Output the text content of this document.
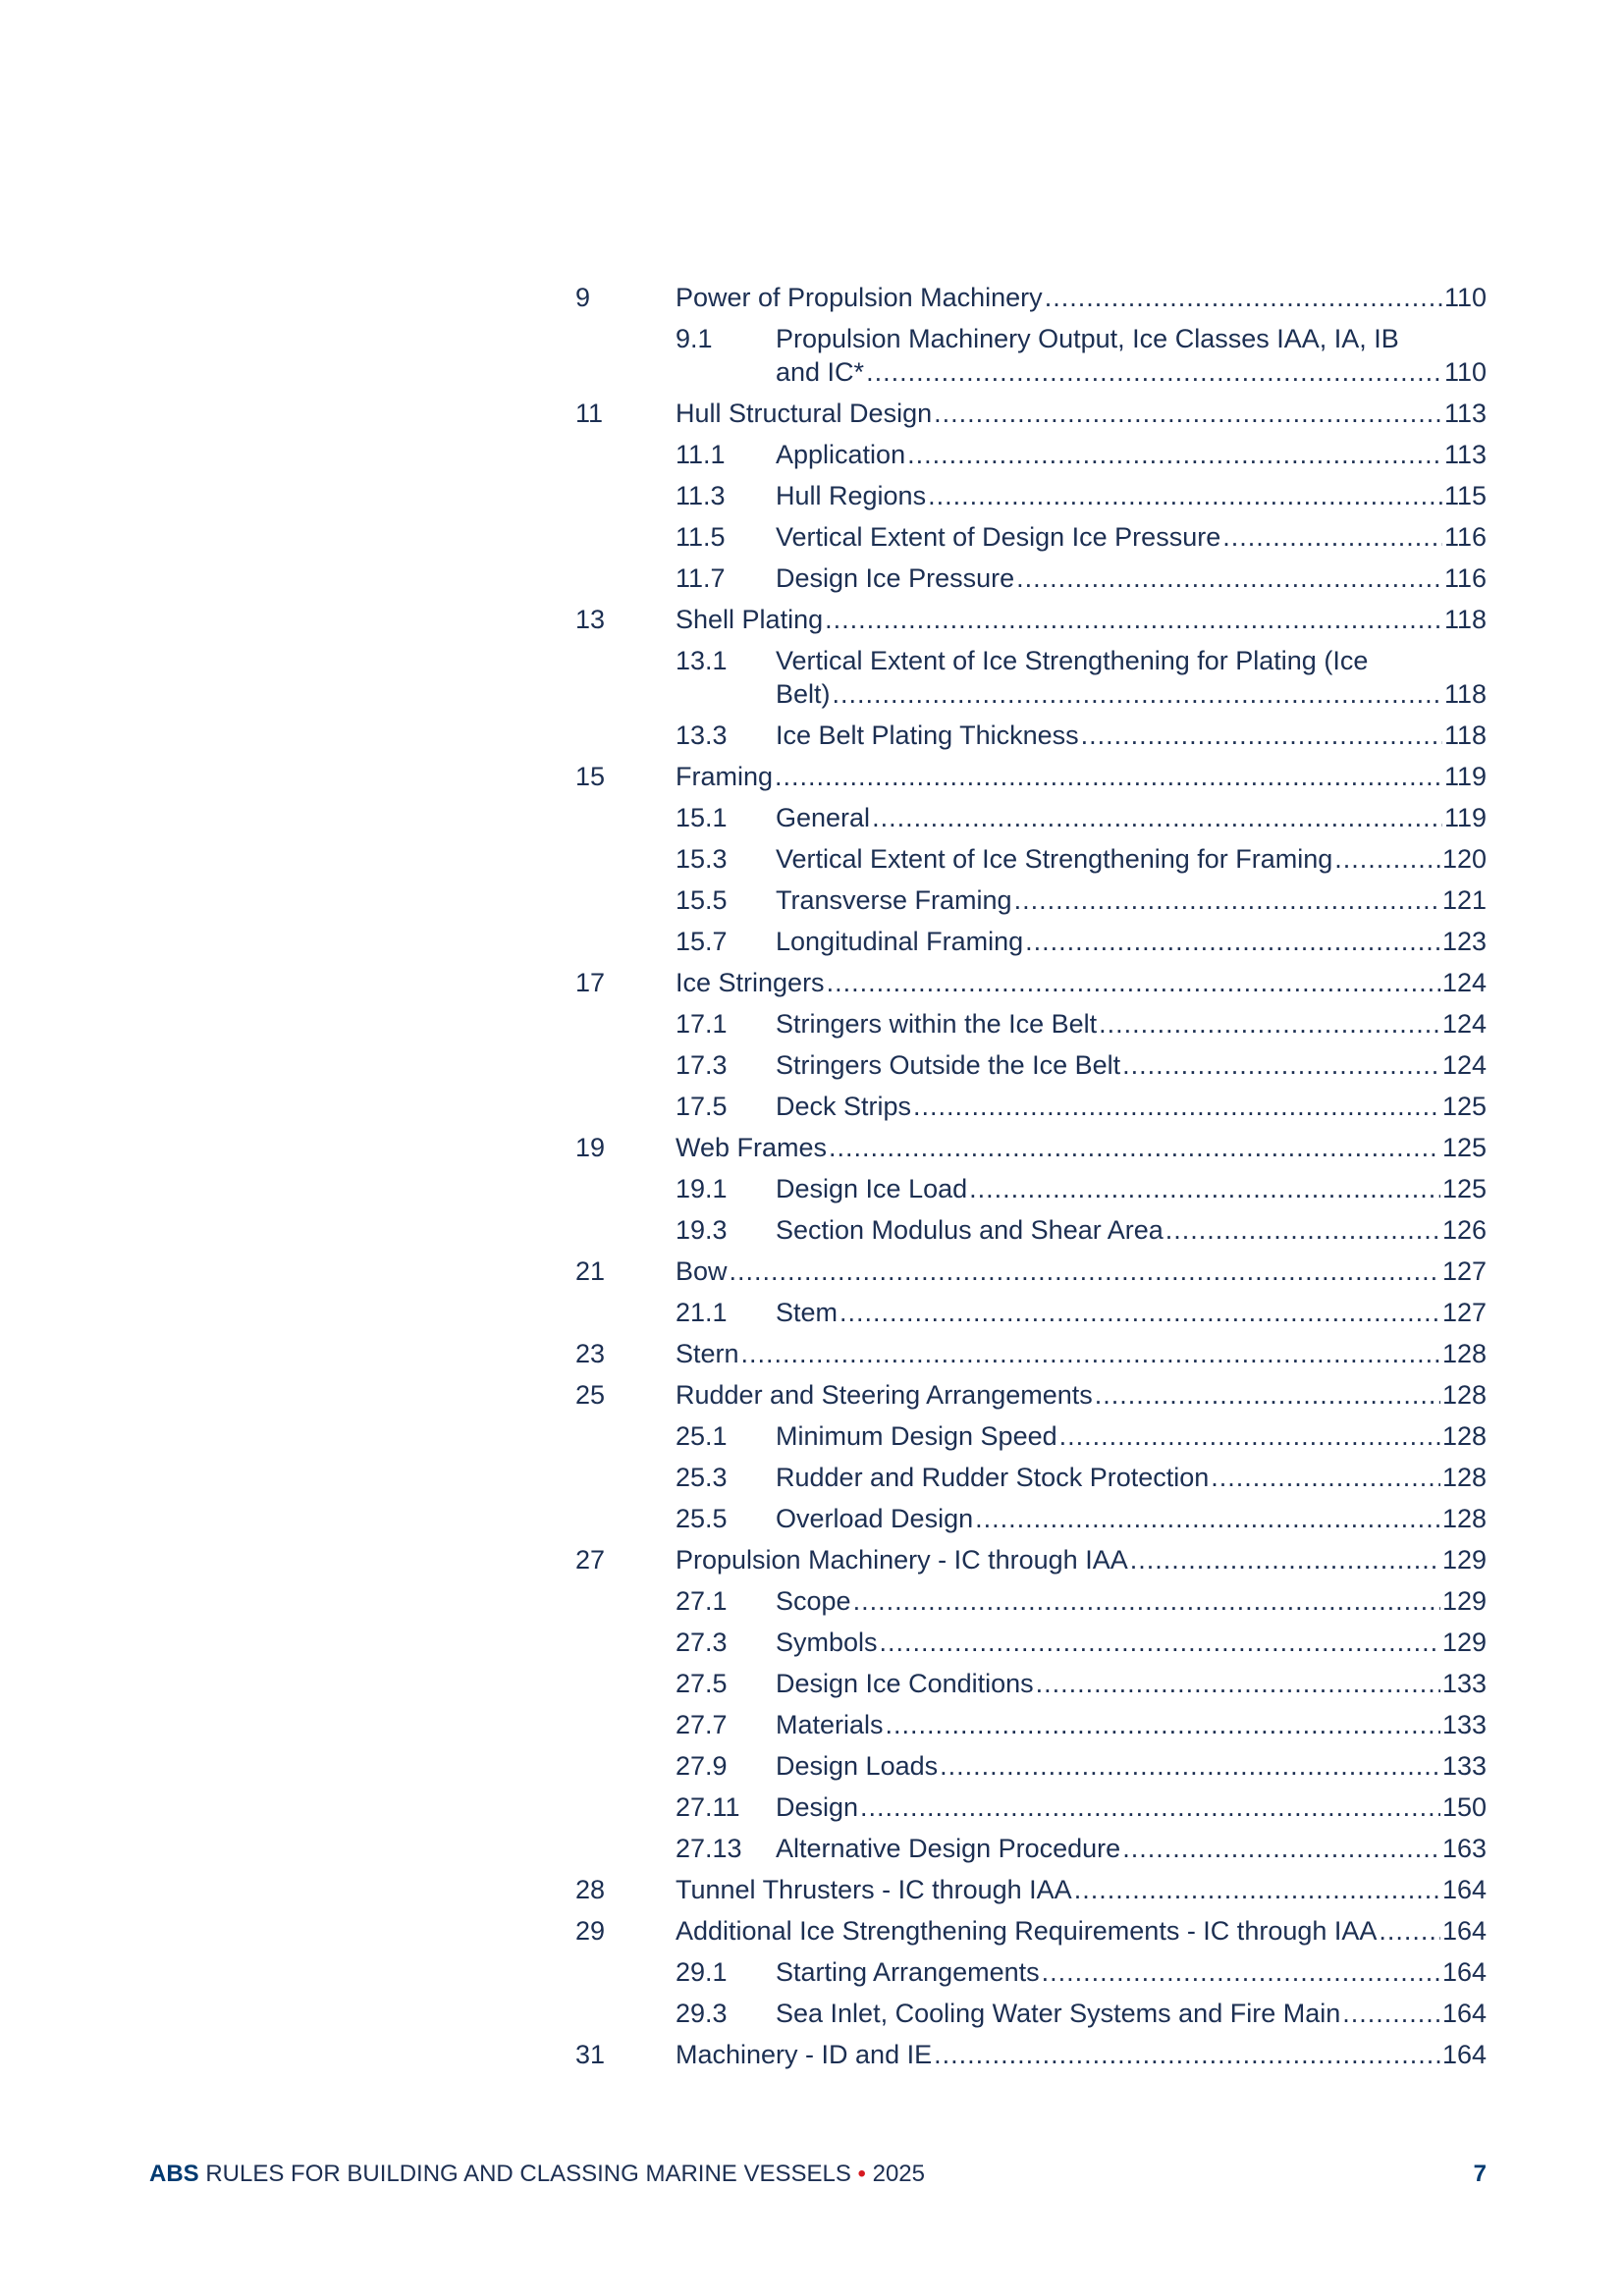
9	Power of Propulsion Machinery .....	110
9.1 Propulsion Machinery Output, Ice Classes IAA, IA, IB
and IC* .....	110
11	Hull Structural Design .....	113
11.1 Application .....	113
11.3 Hull Regions .....	115
11.5 Vertical Extent of Design Ice Pressure .....	116
11.7 Design Ice Pressure .....	116
13	Shell Plating .....	118
13.1 Vertical Extent of Ice Strengthening for Plating (Ice
Belt) .....	118
13.3 Ice Belt Plating Thickness .....	118
15	Framing .....	119
15.1 General .....	119
15.3 Vertical Extent of Ice Strengthening for Framing .....	120
15.5 Transverse Framing .....	121
15.7 Longitudinal Framing .....	123
17	Ice Stringers .....	124
17.1 Stringers within the Ice Belt .....	124
17.3 Stringers Outside the Ice Belt .....	124
17.5 Deck Strips .....	125
19	Web Frames .....	125
19.1 Design Ice Load .....	125
19.3 Section Modulus and Shear Area .....	126
21	Bow .....	127
21.1 Stem .....	127
23	Stern .....	128
25	Rudder and Steering Arrangements .....	128
25.1 Minimum Design Speed .....	128
25.3 Rudder and Rudder Stock Protection .....	128
25.5 Overload Design .....	128
27	Propulsion Machinery - IC through IAA .....	129
27.1 Scope .....	129
27.3 Symbols .....	129
27.5 Design Ice Conditions .....	133
27.7 Materials .....	133
27.9 Design Loads .....	133
27.11 Design .....	150
27.13 Alternative Design Procedure .....	163
28	Tunnel Thrusters - IC through IAA .....	164
29	Additional Ice Strengthening Requirements - IC through IAA ..... 164
29.1 Starting Arrangements .....	164
29.3 Sea Inlet, Cooling Water Systems and Fire Main .....	164
31	Machinery - ID and IE .....	164
ABS RULES FOR BUILDING AND CLASSING MARINE VESSELS • 2025	7
